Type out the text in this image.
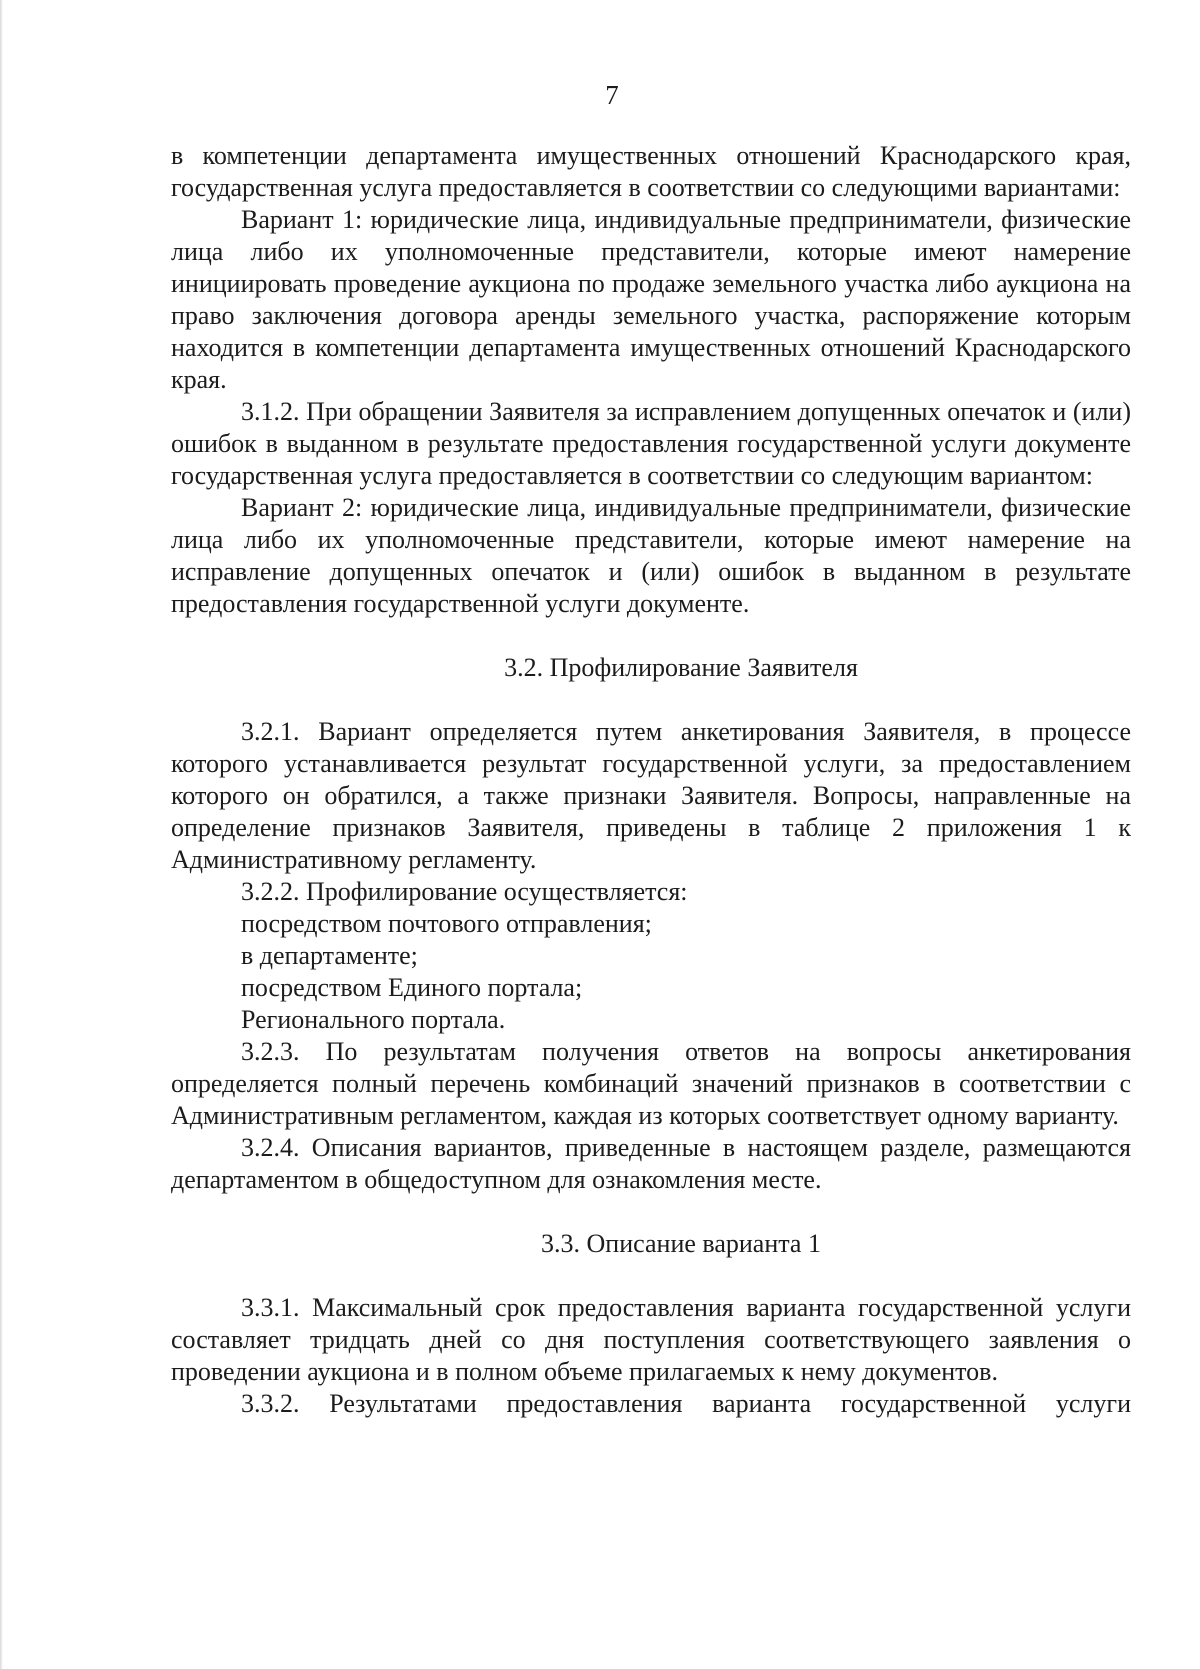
7

в компетенции департамента имущественных отношений Краснодарского края, государственная услуга предоставляется в соответствии со следующими вариантами:

Вариант 1: юридические лица, индивидуальные предприниматели, физические лица либо их уполномоченные представители, которые имеют намерение инициировать проведение аукциона по продаже земельного участка либо аукциона на право заключения договора аренды земельного участка, распоряжение которым находится в компетенции департамента имущественных отношений Краснодарского края.

3.1.2. При обращении Заявителя за исправлением допущенных опечаток и (или) ошибок в выданном в результате предоставления государственной услуги документе государственная услуга предоставляется в соответствии со следующим вариантом:

Вариант 2: юридические лица, индивидуальные предприниматели, физические лица либо их уполномоченные представители, которые имеют намерение на исправление допущенных опечаток и (или) ошибок в выданном в результате предоставления государственной услуги документе.

3.2. Профилирование Заявителя

3.2.1. Вариант определяется путем анкетирования Заявителя, в процессе которого устанавливается результат государственной услуги, за предоставлением которого он обратился, а также признаки Заявителя. Вопросы, направленные на определение признаков Заявителя, приведены в таблице 2 приложения 1 к Административному регламенту.

3.2.2. Профилирование осуществляется:

посредством почтового отправления;

в департаменте;

посредством Единого портала;

Регионального портала.

3.2.3. По результатам получения ответов на вопросы анкетирования определяется полный перечень комбинаций значений признаков в соответствии с Административным регламентом, каждая из которых соответствует одному варианту.

3.2.4. Описания вариантов, приведенные в настоящем разделе, размещаются департаментом в общедоступном для ознакомления месте.

3.3. Описание варианта 1

3.3.1. Максимальный срок предоставления варианта государственной услуги составляет тридцать дней со дня поступления соответствующего заявления о проведении аукциона и в полном объеме прилагаемых к нему документов.

3.3.2. Результатами предоставления варианта государственной услуги
